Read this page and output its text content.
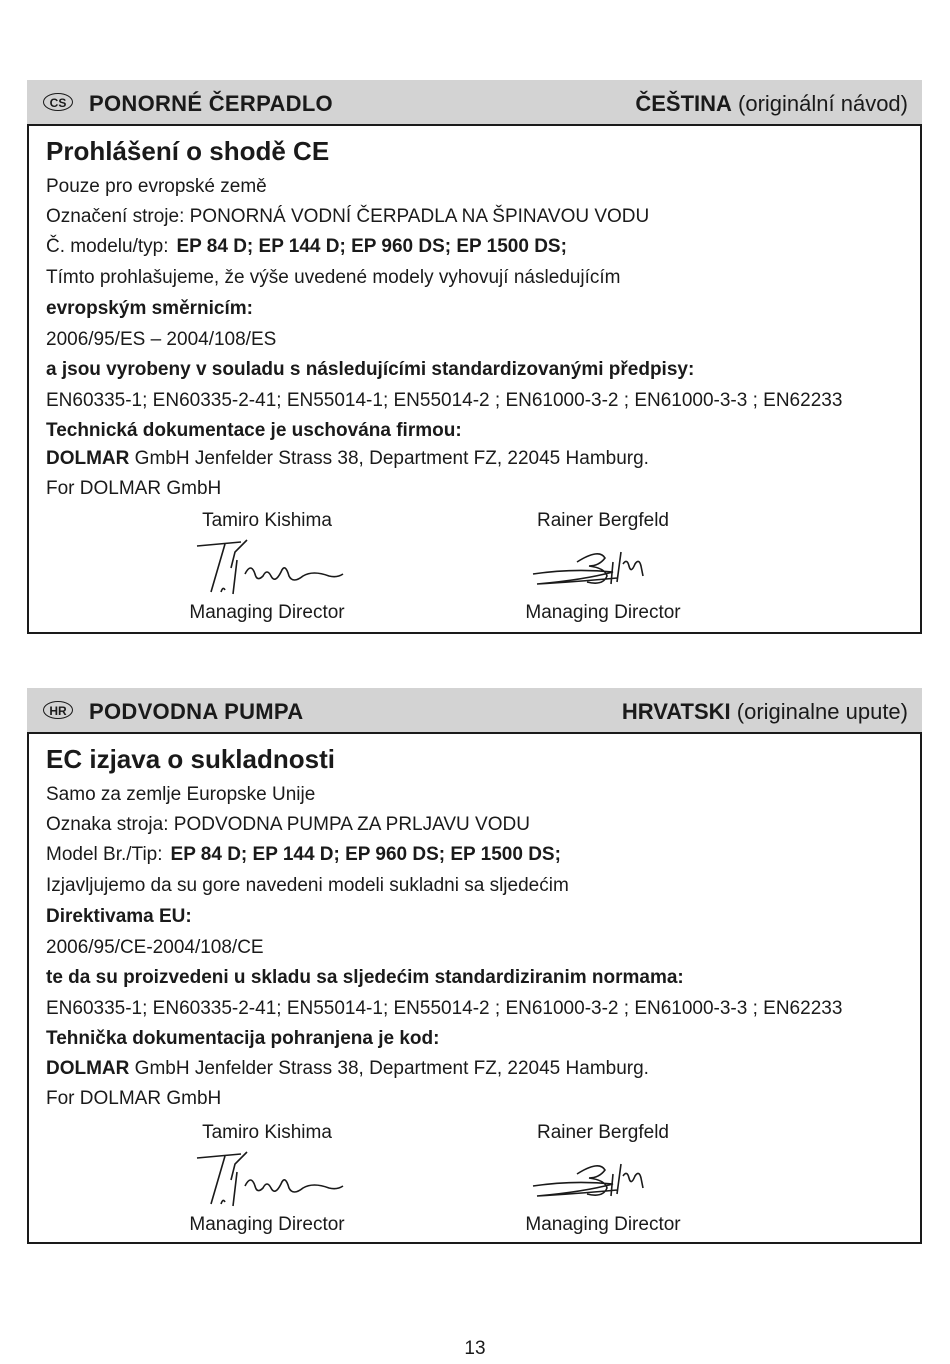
CS	PONORNÉ ČERPADLO	ČEŠTINA (originální návod)
Prohlášení o shodě CE
Pouze pro evropské země
Označení stroje: PONORNÁ VODNÍ ČERPADLA NA ŠPINAVOU VODU
Č. modelu/typ: EP 84 D; EP 144 D; EP 960 DS; EP 1500 DS;
Tímto prohlašujeme, že výše uvedené modely vyhovují následujícím
evropským směrnicím:
2006/95/ES – 2004/108/ES
a jsou vyrobeny v souladu s následujícími standardizovanými předpisy:
EN60335-1; EN60335-2-41; EN55014-1; EN55014-2 ; EN61000-3-2 ; EN61000-3-3 ; EN62233
Technická dokumentace je uschována firmou:
DOLMAR GmbH Jenfelder Strass 38, Department FZ, 22045 Hamburg.
For DOLMAR GmbH
Tamiro Kishima
Managing Director
Rainer Bergfeld
Managing Director
HR PODVODNA PUMPA	HRVATSKI (originalne upute)
EC izjava o sukladnosti
Samo za zemlje Europske Unije
Oznaka stroja: PODVODNA PUMPA ZA PRLJAVU VODU
Model Br./Tip: EP 84 D; EP 144 D; EP 960 DS; EP 1500 DS;
Izjavljujemo da su gore navedeni modeli sukladni sa sljedećim
Direktivama EU:
2006/95/CE-2004/108/CE
te da su proizvedeni u skladu sa sljedećim standardiziranim normama:
EN60335-1; EN60335-2-41; EN55014-1; EN55014-2 ; EN61000-3-2 ; EN61000-3-3 ; EN62233
Tehnička dokumentacija pohranjena je kod:
DOLMAR GmbH Jenfelder Strass 38, Department FZ, 22045 Hamburg.
For DOLMAR GmbH
Tamiro Kishima
Managing Director
Rainer Bergfeld
Managing Director
13
